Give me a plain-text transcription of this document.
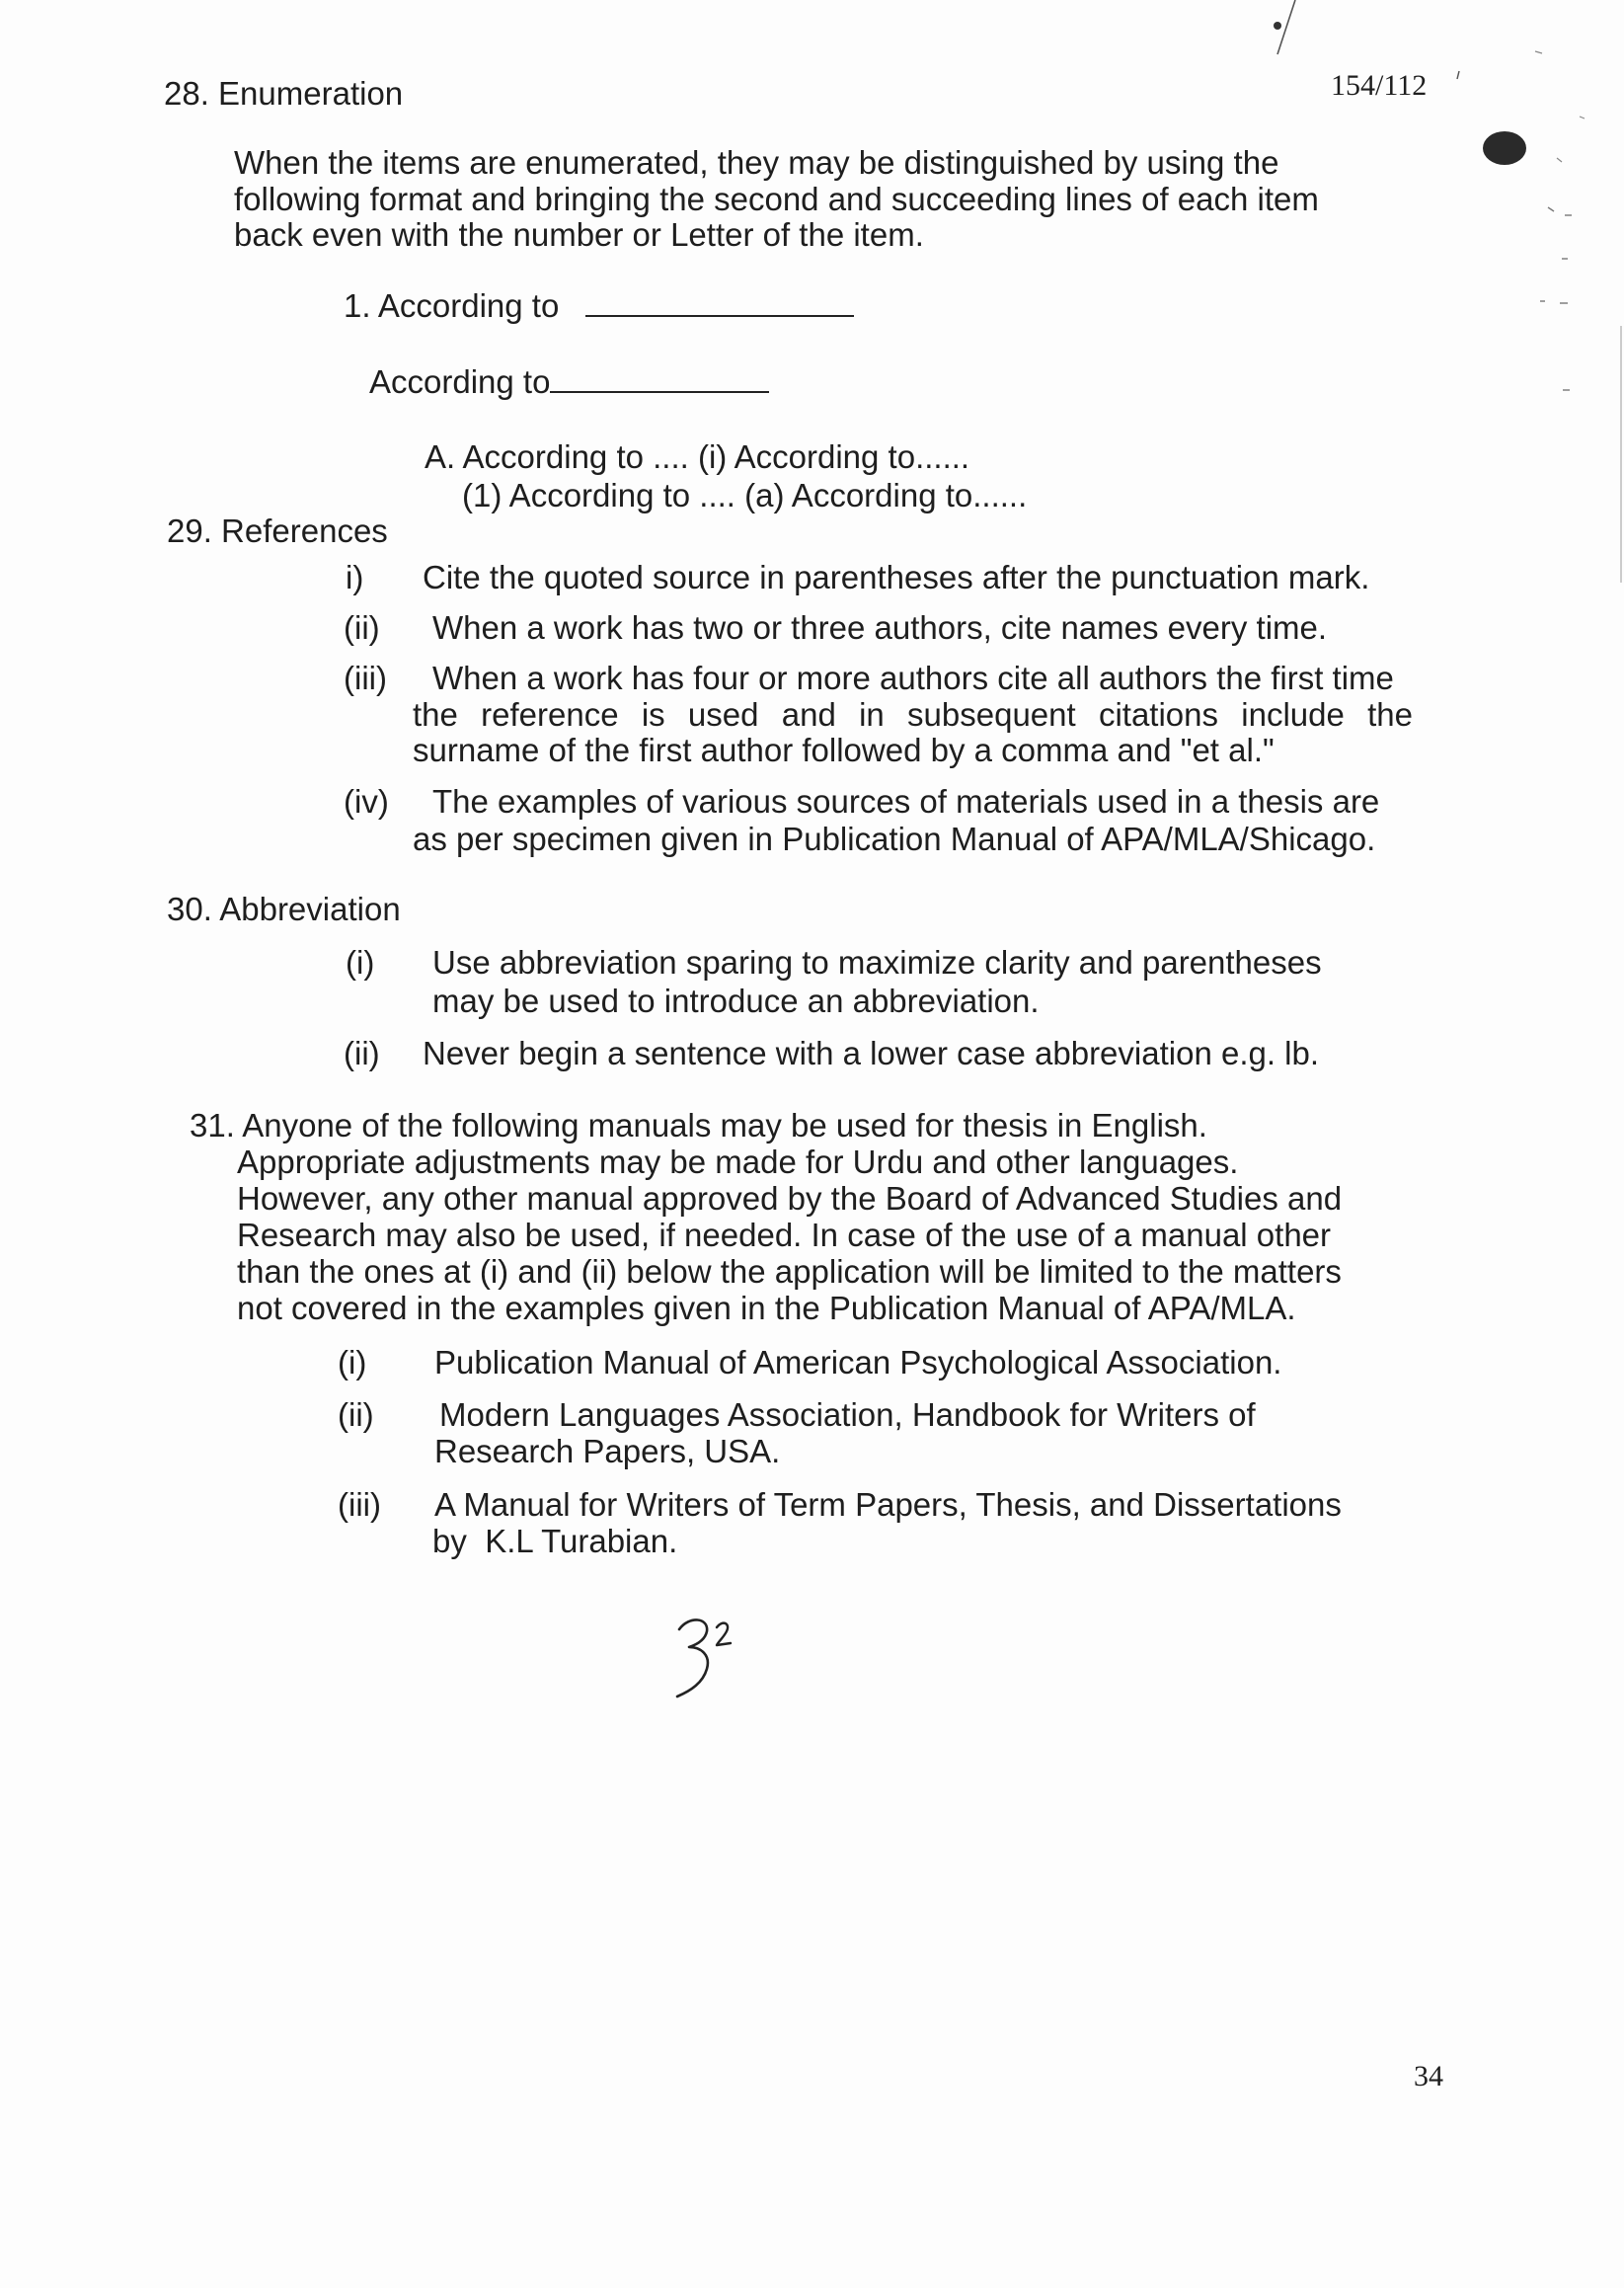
154/112
28. Enumeration
When the items are enumerated, they may be distinguished by using the
following format and bringing the second and succeeding lines of each item
back even with the number or Letter of the item.
1. According to
According to
A. According to .... (i) According to......
(1) According to .... (a) According to......
29. References
i) Cite the quoted source in parentheses after the punctuation mark.
(ii) When a work has two or three authors, cite names every time.
(iii) When a work has four or more authors cite all authors the first time
the reference is used and in subsequent citations include the
surname of the first author followed by a comma and "et al."
(iv) The examples of various sources of materials used in a thesis are
as per specimen given in Publication Manual of APA/MLA/Shicago.
30. Abbreviation
(i) Use abbreviation sparing to maximize clarity and parentheses
may be used to introduce an abbreviation.
(ii) Never begin a sentence with a lower case abbreviation e.g. lb.
31. Anyone of the following manuals may be used for thesis in English.
Appropriate adjustments may be made for Urdu and other languages.
However, any other manual approved by the Board of Advanced Studies and
Research may also be used, if needed. In case of the use of a manual other
than the ones at (i) and (ii) below the application will be limited to the matters
not covered in the examples given in the Publication Manual of APA/MLA.
(i) Publication Manual of American Psychological Association.
(ii) Modern Languages Association, Handbook for Writers of
Research Papers, USA.
(iii) A Manual for Writers of Term Papers, Thesis, and Dissertations
by  K.L Turabian.
34
